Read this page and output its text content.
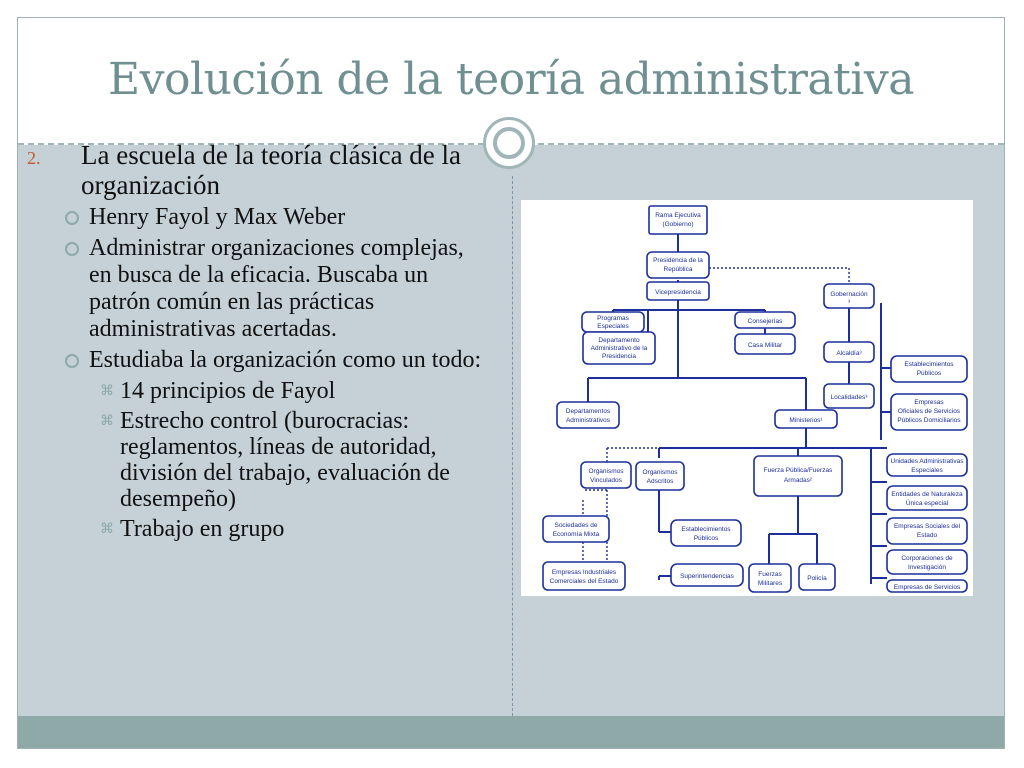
Evolución de la teoría administrativa
2. La escuela de la teoría clásica de la organización
Henry Fayol y Max Weber
Administrar organizaciones complejas, en busca de la eficacia. Buscaba un patrón común en las prácticas administrativas acertadas.
Estudiaba la organización como un todo:
⌘ 14 principios de Fayol
⌘ Estrecho control (burocracias: reglamentos, líneas de autoridad, división del trabajo, evaluación de desempeño)
⌘ Trabajo en grupo
Rama Ejecutiva
(Gobierno)
Presidencia de la
República
Vicepresidencia	Gobernación
³
Programas
Especiales
Consejerías
Departamento
Administrativo de la
Presidencia
Casa Militar
Alcaldía³
Localidades³
Establecimientos
Públicos
Empresas
Oficiales de Servicios
Públicos Domiciliarios
Departamentos
Administrativos	Ministerios¹
Unidades Administrativas
Especiales
Organismos
Vinculados
Organismos
Adscritos
Fuerza Pública/Fuerzas
Armadas²
Entidades de Naturaleza
Única especial
Sociedades de
Economía Mixta
Establecimientos
Públicos
Empresas Sociales del
Estado
Corporaciones de
Investigación
Empresas Industriales
Comerciales del Estado
Superintendencias	Fuerzas
Militares
Policía
Empresas de Servicios
